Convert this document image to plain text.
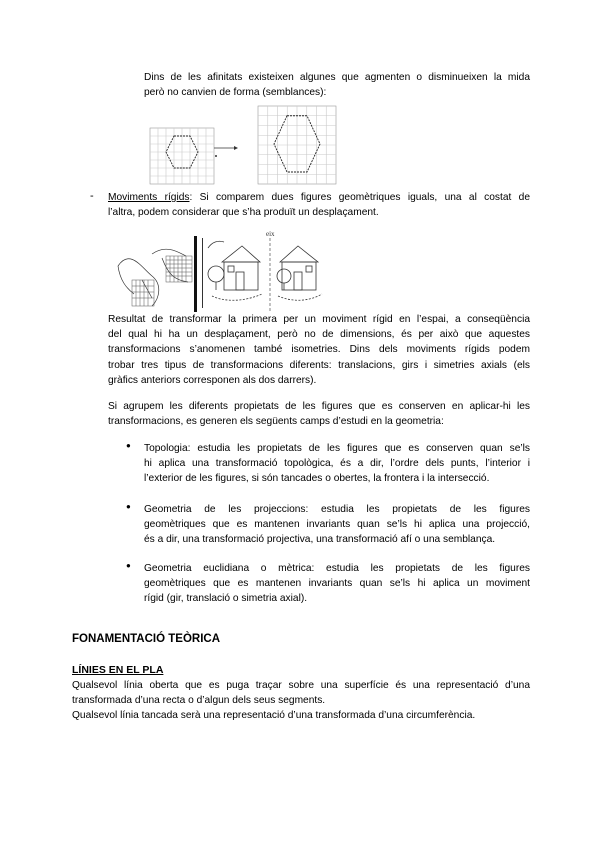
Dins de les afinitats existeixen algunes que agmenten o disminueixen la mida
però no canvien de forma (semblances):
- Moviments rígids: Si comparem dues figures geomètriques iguals, una al costat de
l’altra, podem considerar que s’ha produït un desplaçament.
eix
Resultat de transformar la primera per un moviment rígid en l’espai, a conseqüència
del qual hi ha un desplaçament, però no de dimensions, és per això que aquestes
transformacions s’anomenen també isometries. Dins dels moviments rígids podem
trobar tres tipus de transformacions diferents: translacions, girs i simetries axials (els
gràfics anteriors corresponen als dos darrers).
Si agrupem les diferents propietats de les figures que es conserven en aplicar-hi les
transformacions, es generen els següents camps d’estudi en la geometria:
● Topologia: estudia les propietats de les figures que es conserven quan se’ls
hi aplica una transformació topològica, és a dir, l’ordre dels punts, l’interior i
l’exterior de les figures, si són tancades o obertes, la frontera i la intersecció.
● Geometria de les projeccions: estudia les propietats de les figures
geomètriques que es mantenen invariants quan se’ls hi aplica una projecció,
és a dir, una transformació projectiva, una transformació afí o una semblança.
● Geometria euclidiana o mètrica: estudia les propietats de les figures
geomètriques que es mantenen invariants quan se’ls hi aplica un moviment
rígid (gir, translació o simetria axial).
FONAMENTACIÓ TEÒRICA
LÍNIES EN EL PLA
Qualsevol línia oberta que es puga traçar sobre una superfície és una representació d’una
transformada d’una recta o d’algun dels seus segments.
Qualsevol línia tancada serà una representació d’una transformada d’una circumferència.
